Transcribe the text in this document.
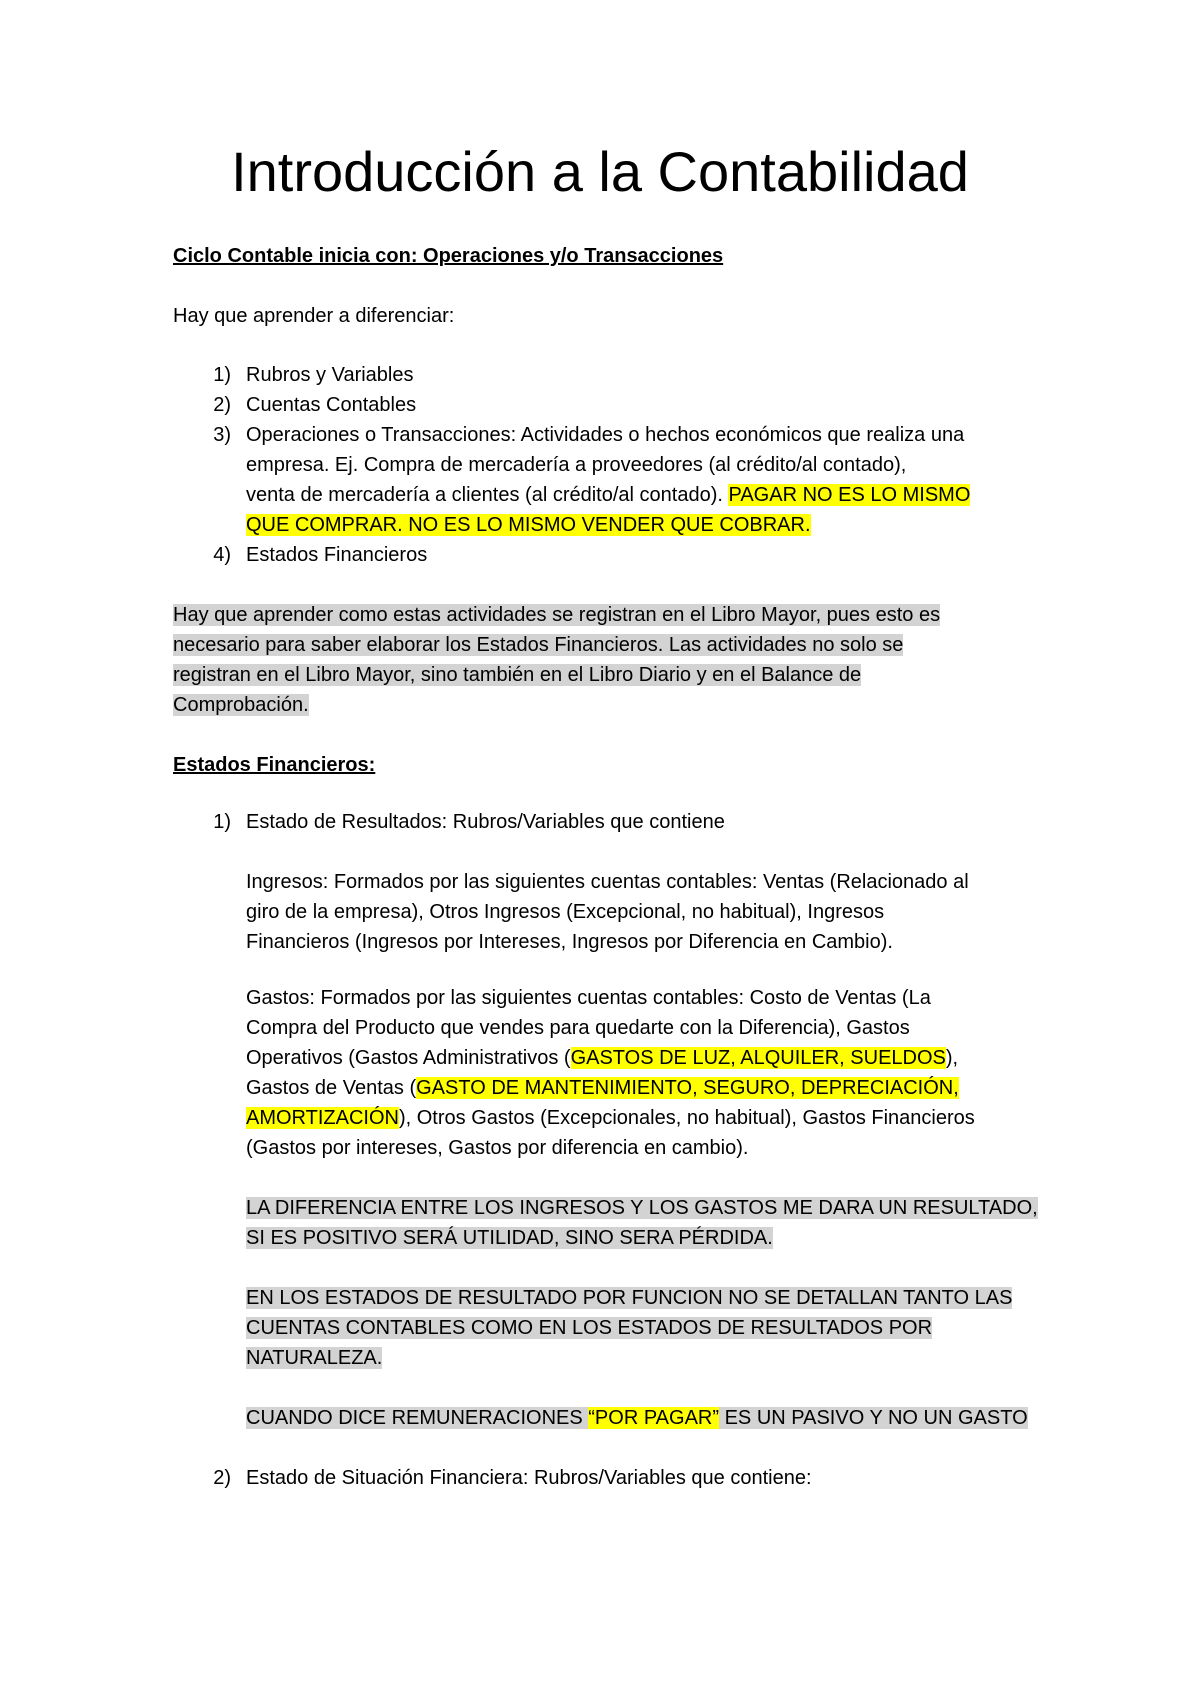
Introducción a la Contabilidad
Ciclo Contable inicia con: Operaciones y/o Transacciones
Hay que aprender a diferenciar:
1) Rubros y Variables
2) Cuentas Contables
3) Operaciones o Transacciones: Actividades o hechos económicos que realiza una
empresa. Ej. Compra de mercadería a proveedores (al crédito/al contado),
venta de mercadería a clientes (al crédito/al contado). PAGAR NO ES LO MISMO
QUE COMPRAR. NO ES LO MISMO VENDER QUE COBRAR.
4) Estados Financieros
Hay que aprender como estas actividades se registran en el Libro Mayor, pues esto es
necesario para saber elaborar los Estados Financieros. Las actividades no solo se
registran en el Libro Mayor, sino también en el Libro Diario y en el Balance de
Comprobación.
Estados Financieros:
1) Estado de Resultados: Rubros/Variables que contiene
Ingresos: Formados por las siguientes cuentas contables: Ventas (Relacionado al
giro de la empresa), Otros Ingresos (Excepcional, no habitual), Ingresos
Financieros (Ingresos por Intereses, Ingresos por Diferencia en Cambio).
Gastos: Formados por las siguientes cuentas contables: Costo de Ventas (La
Compra del Producto que vendes para quedarte con la Diferencia), Gastos
Operativos (Gastos Administrativos (GASTOS DE LUZ, ALQUILER, SUELDOS),
Gastos de Ventas (GASTO DE MANTENIMIENTO, SEGURO, DEPRECIACIÓN,
AMORTIZACIÓN), Otros Gastos (Excepcionales, no habitual), Gastos Financieros
(Gastos por intereses, Gastos por diferencia en cambio).
LA DIFERENCIA ENTRE LOS INGRESOS Y LOS GASTOS ME DARA UN RESULTADO,
SI ES POSITIVO SERÁ UTILIDAD, SINO SERA PÉRDIDA.
EN LOS ESTADOS DE RESULTADO POR FUNCION NO SE DETALLAN TANTO LAS
CUENTAS CONTABLES COMO EN LOS ESTADOS DE RESULTADOS POR
NATURALEZA.
CUANDO DICE REMUNERACIONES “POR PAGAR” ES UN PASIVO Y NO UN GASTO
2) Estado de Situación Financiera: Rubros/Variables que contiene:
